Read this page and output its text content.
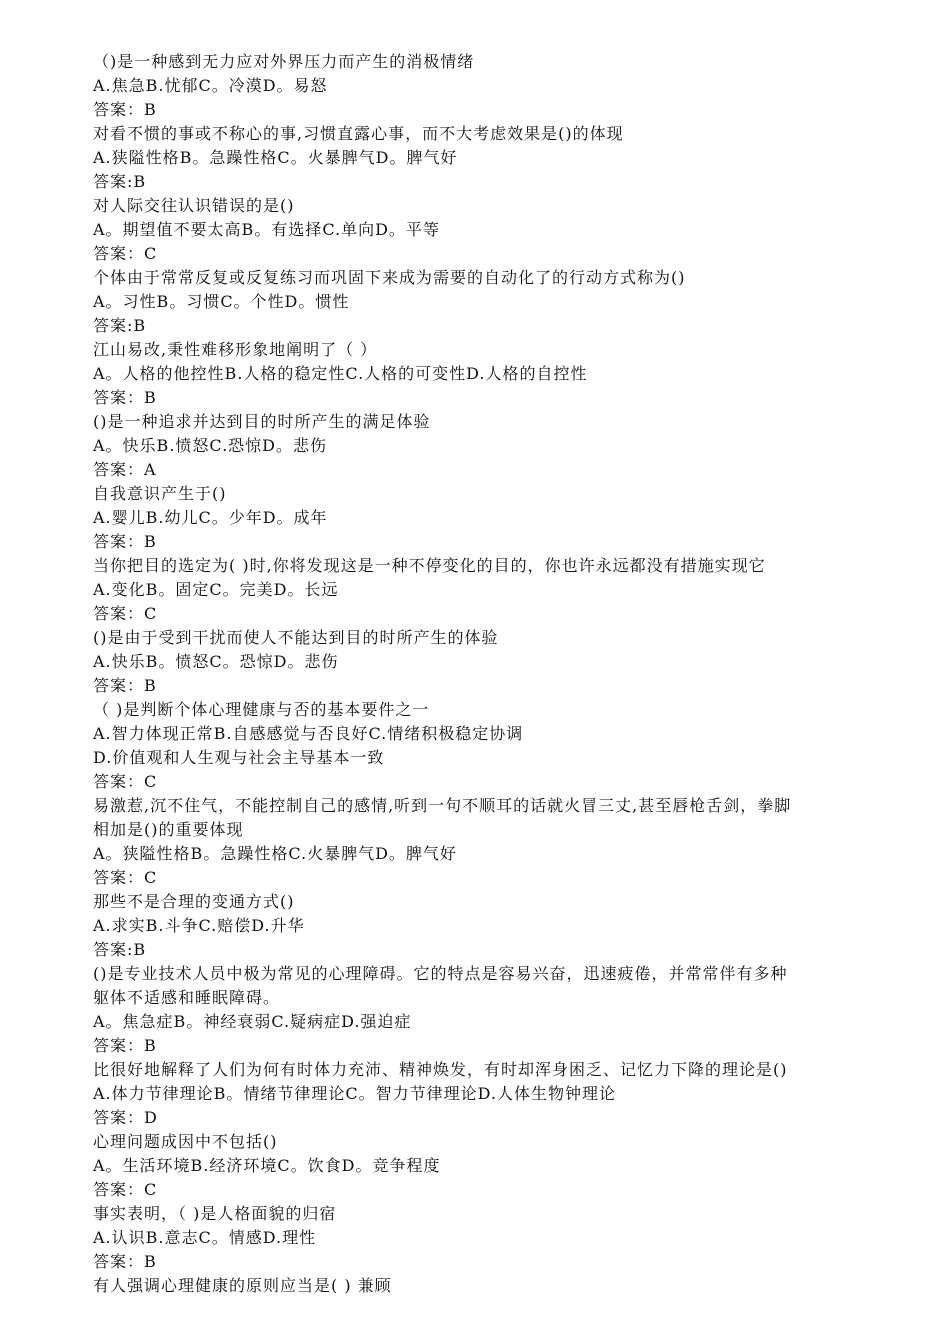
（)是一种感到无力应对外界压力而产生的消极情绪
A.焦急B.忧郁C。冷漠D。易怒
答案：B
对看不惯的事或不称心的事,习惯直露心事，而不大考虑效果是()的体现
A.狭隘性格B。急躁性格C。火暴脾气D。脾气好
答案:B
对人际交往认识错误的是()
A。期望值不要太高B。有选择C.单向D。平等
答案：C
个体由于常常反复或反复练习而巩固下来成为需要的自动化了的行动方式称为()
A。习性B。习惯C。个性D。惯性
答案:B
江山易改,秉性难移形象地阐明了（ ）
A。人格的他控性B.人格的稳定性C.人格的可变性D.人格的自控性
答案：B
()是一种追求并达到目的时所产生的满足体验
A。快乐B.愤怒C.恐惊D。悲伤
答案：A
自我意识产生于()
A.婴儿B.幼儿C。少年D。成年
答案：B
当你把目的选定为( )时,你将发现这是一种不停变化的目的，你也许永远都没有措施实现它
A.变化B。固定C。完美D。长远
答案：C
()是由于受到干扰而使人不能达到目的时所产生的体验
A.快乐B。愤怒C。恐惊D。悲伤
答案：B
（ )是判断个体心理健康与否的基本要件之一
A.智力体现正常B.自感感觉与否良好C.情绪积极稳定协调
D.价值观和人生观与社会主导基本一致
答案：C
易激惹,沉不住气，不能控制自己的感情,听到一句不顺耳的话就火冒三丈,甚至唇枪舌剑，拳脚
相加是()的重要体现
A。狭隘性格B。急躁性格C.火暴脾气D。脾气好
答案：C
那些不是合理的变通方式()
A.求实B.斗争C.赔偿D.升华
答案:B
()是专业技术人员中极为常见的心理障碍。它的特点是容易兴奋，迅速疲倦，并常常伴有多种
躯体不适感和睡眠障碍。
A。焦急症B。神经衰弱C.疑病症D.强迫症
答案：B
比很好地解释了人们为何有时体力充沛、精神焕发，有时却浑身困乏、记忆力下降的理论是()
A.体力节律理论B。情绪节律理论C。智力节律理论D.人体生物钟理论
答案：D
心理问题成因中不包括()
A。生活环境B.经济环境C。饮食D。竞争程度
答案：C
事实表明，（ )是人格面貌的归宿
A.认识B.意志C。情感D.理性
答案：B
有人强调心理健康的原则应当是( ) 兼顾
